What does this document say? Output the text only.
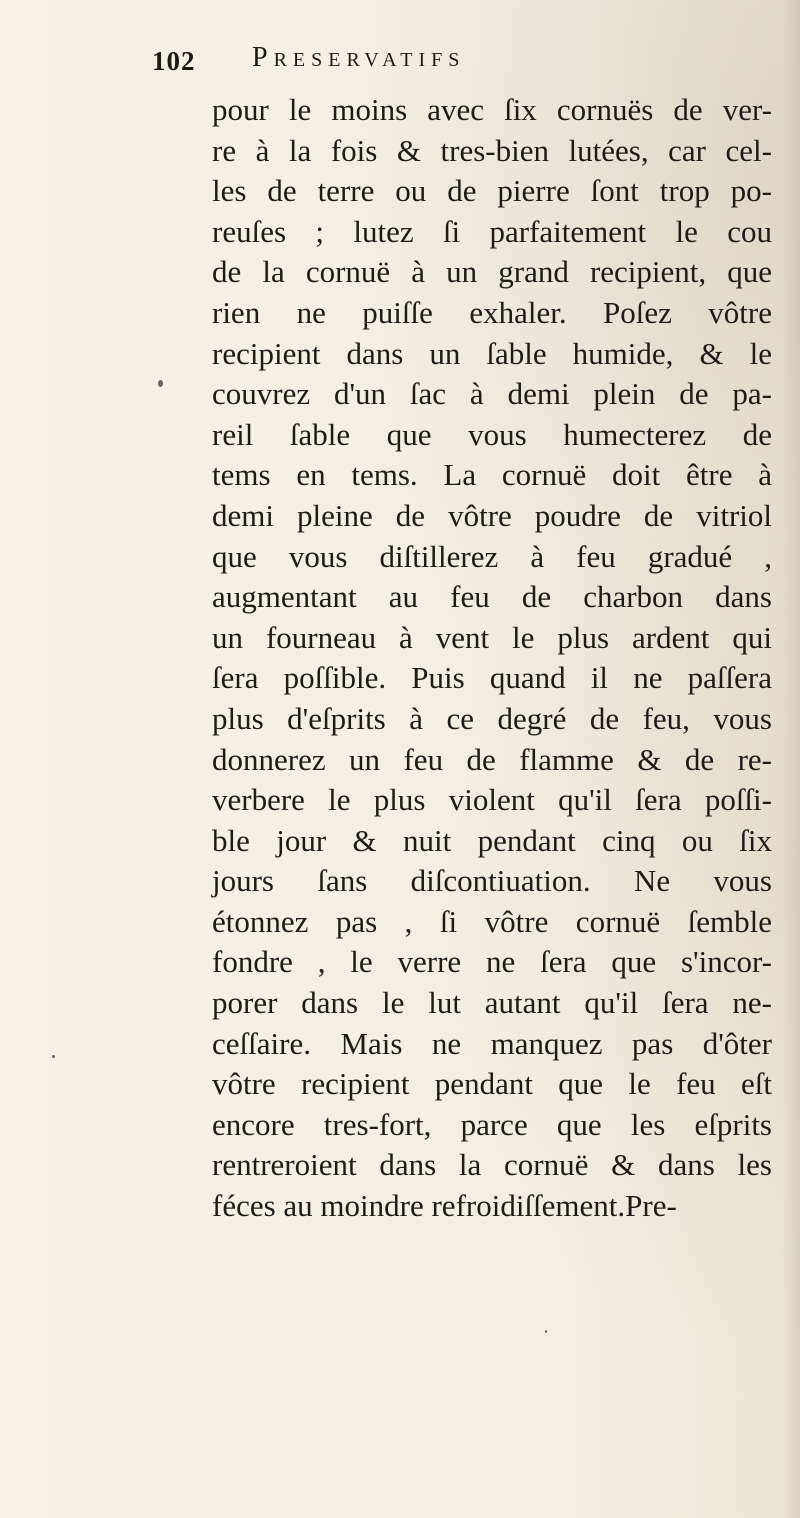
102 Preservatifs
pour le moins avec ſix cornuës de ver-
re à la fois & tres-bien lutées, car cel-
les de terre ou de pierre ſont trop po-
reuſes ; lutez ſi parfaitement le cou
de la cornuë à un grand recipient, que
rien ne puiſſe exhaler. Poſez vôtre
recipient dans un ſable humide, & le
couvrez d'un ſac à demi plein de pa-
reil ſable que vous humecterez de
tems en tems. La cornuë doit être à
demi pleine de vôtre poudre de vitriol
que vous diſtillerez à feu gradué ,
augmentant au feu de charbon dans
un fourneau à vent le plus ardent qui
ſera poſſible. Puis quand il ne paſſera
plus d'eſprits à ce degré de feu, vous
donnerez un feu de flamme & de re-
verbere le plus violent qu'il ſera poſſi-
ble jour & nuit pendant cinq ou ſix
jours ſans diſcontiuation. Ne vous
étonnez pas , ſi vôtre cornuë ſemble
fondre , le verre ne ſera que s'incor-
porer dans le lut autant qu'il ſera ne-
ceſſaire. Mais ne manquez pas d'ôter
vôtre recipient pendant que le feu eſt
encore tres-fort, parce que les eſprits
rentreroient dans la cornuë & dans les
féces au moindre refroidiſſement.Pre-
